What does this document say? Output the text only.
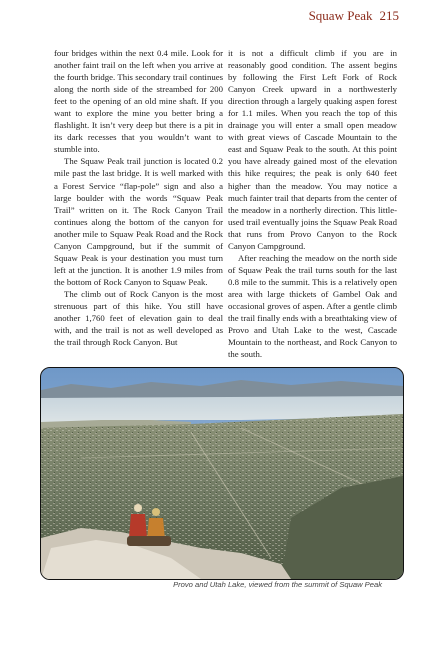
Squaw Peak 215

four bridges within the next 0.4 mile. Look for another faint trail on the left when you arrive at the fourth bridge. This secondary trail continues along the north side of the streambed for 200 feet to the opening of an old mine shaft. If you want to explore the mine you better bring a flashlight. It isn’t very deep but there is a pit in its dark recesses that you wouldn’t want to stumble into.

The Squaw Peak trail junction is located 0.2 mile past the last bridge. It is well marked with a Forest Service “flap-pole” sign and also a large boulder with the words “Squaw Peak Trail” written on it. The Rock Canyon Trail continues along the bottom of the canyon for another mile to Squaw Peak Road and the Rock Canyon Campground, but if the summit of Squaw Peak is your destination you must turn left at the junction. It is another 1.9 miles from the bottom of Rock Canyon to Squaw Peak.

The climb out of Rock Canyon is the most strenuous part of this hike. You still have another 1,760 feet of elevation gain to deal with, and the trail is not as well developed as the trail through Rock Canyon. But

it is not a difficult climb if you are in reasonably good condition. The assent begins by following the First Left Fork of Rock Canyon Creek upward in a northwesterly direction through a largely quaking aspen forest for 1.1 miles. When you reach the top of this drainage you will enter a small open meadow with great views of Cascade Mountain to the east and Squaw Peak to the south. At this point you have already gained most of the elevation this hike requires; the peak is only 640 feet higher than the meadow. You may notice a much fainter trail that departs from the center of the meadow in a northerly direction. This little-used trail eventually joins the Squaw Peak Road that runs from Provo Canyon to the Rock Canyon Campground.

After reaching the meadow on the north side of Squaw Peak the trail turns south for the last 0.8 mile to the summit. This is a relatively open area with large thickets of Gambel Oak and occasional groves of aspen. After a gentle climb the trail finally ends with a breathtaking view of Provo and Utah Lake to the west, Cascade Mountain to the northeast, and Rock Canyon to the south.

Provo and Utah Lake, viewed from the summit of Squaw Peak
